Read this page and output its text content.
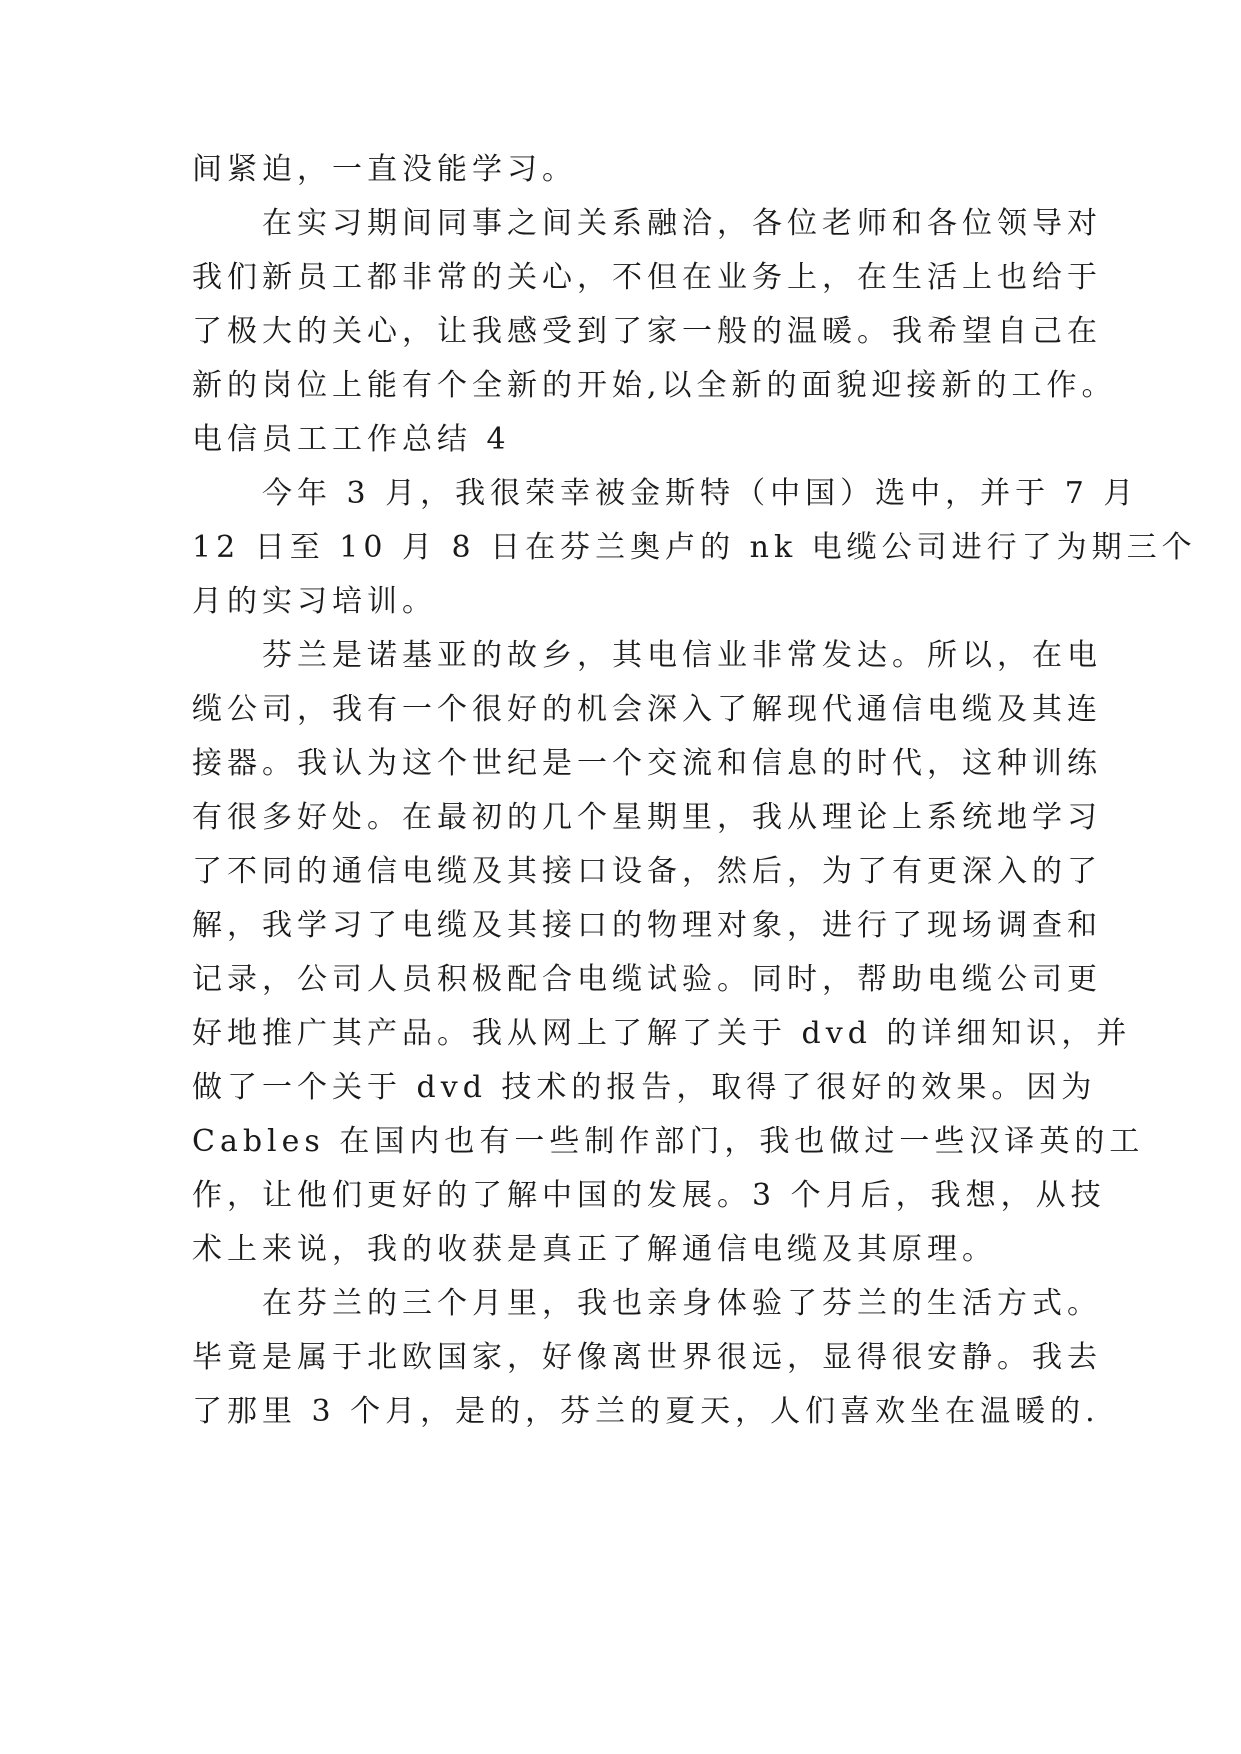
间紧迫，一直没能学习。
　　在实习期间同事之间关系融洽，各位老师和各位领导对
我们新员工都非常的关心，不但在业务上，在生活上也给于
了极大的关心，让我感受到了家一般的温暖。我希望自己在
新的岗位上能有个全新的开始,以全新的面貌迎接新的工作。
电信员工工作总结 4
　　今年 3 月，我很荣幸被金斯特（中国）选中，并于 7 月
12 日至 10 月 8 日在芬兰奥卢的 nk 电缆公司进行了为期三个
月的实习培训。
　　芬兰是诺基亚的故乡，其电信业非常发达。所以，在电
缆公司，我有一个很好的机会深入了解现代通信电缆及其连
接器。我认为这个世纪是一个交流和信息的时代，这种训练
有很多好处。在最初的几个星期里，我从理论上系统地学习
了不同的通信电缆及其接口设备，然后，为了有更深入的了
解，我学习了电缆及其接口的物理对象，进行了现场调查和
记录，公司人员积极配合电缆试验。同时，帮助电缆公司更
好地推广其产品。我从网上了解了关于 dvd 的详细知识，并
做了一个关于 dvd 技术的报告，取得了很好的效果。因为
Cables 在国内也有一些制作部门，我也做过一些汉译英的工
作，让他们更好的了解中国的发展。3 个月后，我想，从技
术上来说，我的收获是真正了解通信电缆及其原理。
　　在芬兰的三个月里，我也亲身体验了芬兰的生活方式。
毕竟是属于北欧国家，好像离世界很远，显得很安静。我去
了那里 3 个月，是的，芬兰的夏天，人们喜欢坐在温暖的.
